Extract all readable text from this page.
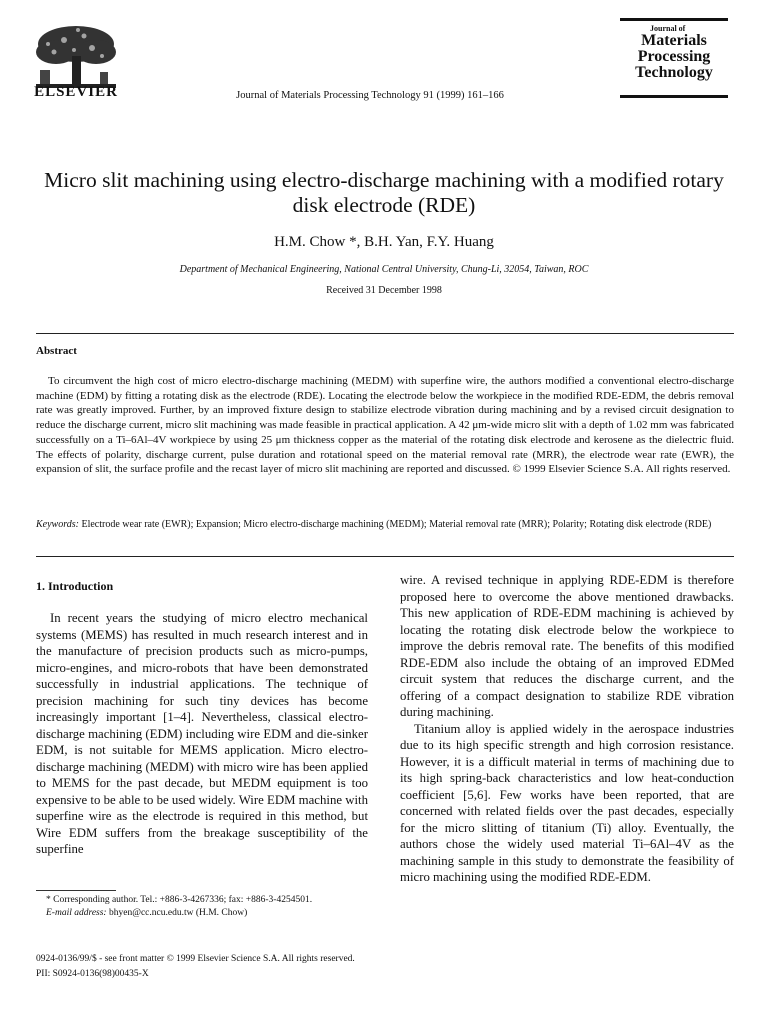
ELSEVIER	Journal of Materials Processing Technology 91 (1999) 161–166
Journal of
Materials
Processing
Technology
Micro slit machining using electro-discharge machining with a modified rotary disk electrode (RDE)
H.M. Chow *, B.H. Yan, F.Y. Huang
Department of Mechanical Engineering, National Central University, Chung-Li, 32054, Taiwan, ROC
Received 31 December 1998
Abstract
To circumvent the high cost of micro electro-discharge machining (MEDM) with superfine wire, the authors modified a conventional electro-discharge machine (EDM) by fitting a rotating disk as the electrode (RDE). Locating the electrode below the workpiece in the modified RDE-EDM, the debris removal rate was greatly improved. Further, by an improved fixture design to stabilize electrode vibration during machining and by a revised circuit designation to reduce the discharge current, micro slit machining was made feasible in practical application. A 42 μm-wide micro slit with a depth of 1.02 mm was fabricated successfully on a Ti–6Al–4V workpiece by using 25 μm thickness copper as the material of the rotating disk electrode and kerosene as the dielectric fluid. The effects of polarity, discharge current, pulse duration and rotational speed on the material removal rate (MRR), the electrode wear rate (EWR), the expansion of slit, the surface profile and the recast layer of micro slit machining are reported and discussed. © 1999 Elsevier Science S.A. All rights reserved.
Keywords: Electrode wear rate (EWR); Expansion; Micro electro-discharge machining (MEDM); Material removal rate (MRR); Polarity; Rotating disk electrode (RDE)
1. Introduction

In recent years the studying of micro electro mechanical systems (MEMS) has resulted in much research interest and in the manufacture of precision products such as micro-pumps, micro-engines, and micro-robots that have been demonstrated successfully in industrial applications. The technique of precision machining for such tiny devices has become increasingly important [1–4]. Nevertheless, classical electro-discharge machining (EDM) including wire EDM and die-sinker EDM, is not suitable for MEMS application. Micro electro-discharge machining (MEDM) with micro wire has been applied to MEMS for the past decade, but MEDM equipment is too expensive to be able to be used widely. Wire EDM machine with superfine wire as the electrode is required in this method, but Wire EDM suffers from the breakage susceptibility of the superfine

wire. A revised technique in applying RDE-EDM is therefore proposed here to overcome the above mentioned drawbacks. This new application of RDE-EDM machining is achieved by locating the rotating disk electrode below the workpiece to improve the debris removal rate. The benefits of this modified RDE-EDM also include the obtaing of an improved EDMed circuit system that reduces the discharge current, and the offering of a compact designation to stabilize RDE vibration during machining.

Titanium alloy is applied widely in the aerospace industries due to its high specific strength and high corrosion resistance. However, it is a difficult material in terms of machining due to its high spring-back characteristics and low heat-conduction coefficient [5,6]. Few works have been reported, that are concerned with related fields over the past decades, especially for the micro slitting of titanium (Ti) alloy. Eventually, the authors chose the widely used material Ti–6Al–4V as the machining sample in this study to demonstrate the feasibility of micro machining using the modified RDE-EDM.

* Corresponding author. Tel.: +886-3-4267336; fax: +886-3-4254501.
E-mail address: bhyen@cc.ncu.edu.tw (H.M. Chow)
0924-0136/99/$ - see front matter © 1999 Elsevier Science S.A. All rights reserved.
PII: S0924-0136(98)00435-X
